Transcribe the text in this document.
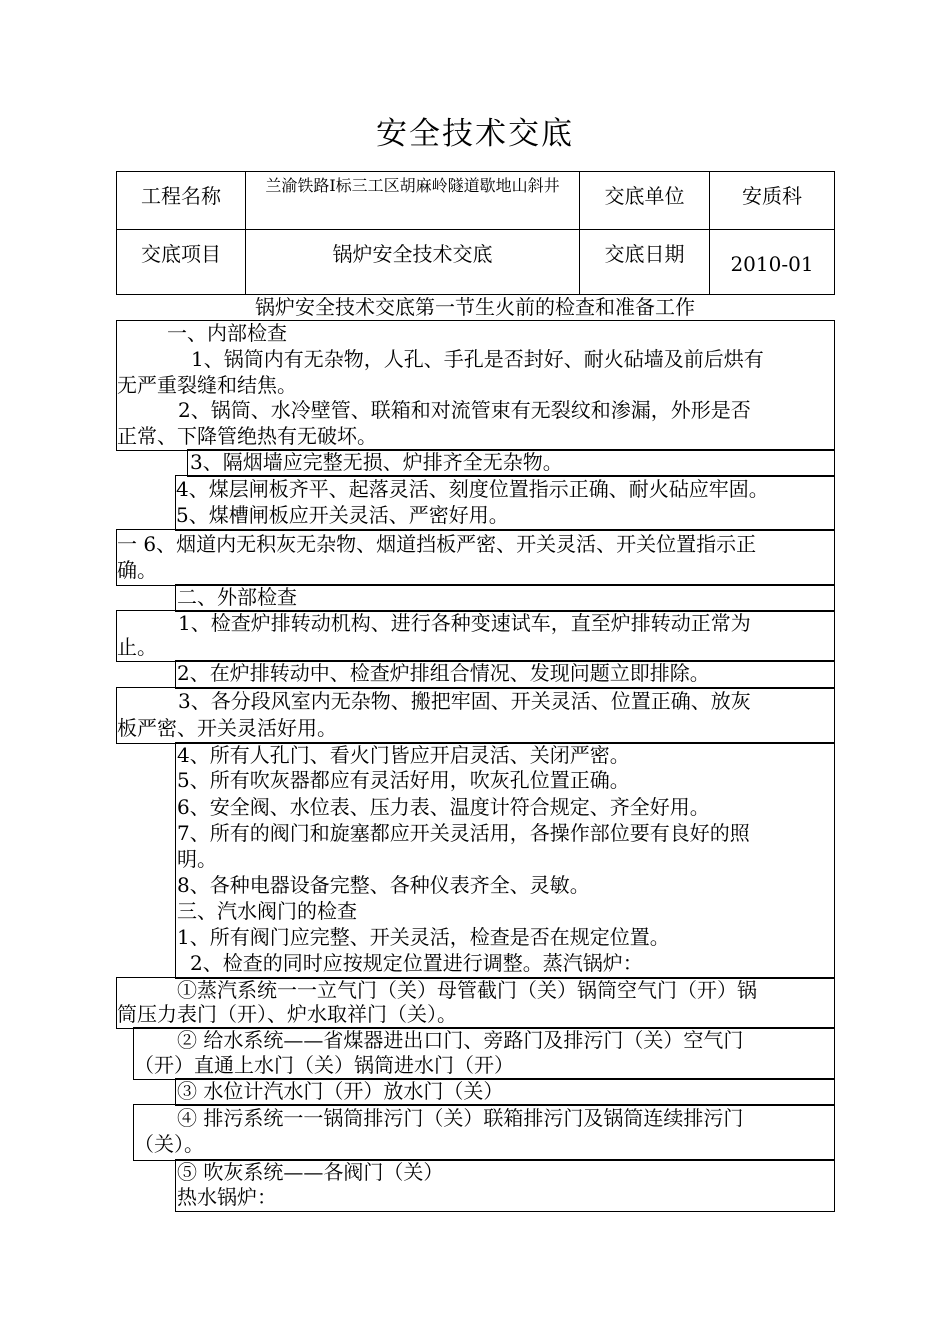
安全技术交底
工程名称	兰渝铁路Ⅰ标三工区胡麻岭隧道歇地山斜井	交底单位	安质科

交底项目	锅炉安全技术交底	交底日期	2010-01
锅炉安全技术交底第一节生火前的检查和准备工作
一、内部检查
1、锅筒内有无杂物，人孔、手孔是否封好、耐火砧墙及前后烘有
无严重裂缝和结焦。
2、锅筒、水冷壁管、联箱和对流管束有无裂纹和渗漏，外形是否
正常、下降管绝热有无破坏。
3、隔烟墙应完整无损、炉排齐全无杂物。
4、煤层闸板齐平、起落灵活、刻度位置指示正确、耐火砧应牢固。
5、煤槽闸板应开关灵活、严密好用。
一 6、烟道内无积灰无杂物、烟道挡板严密、开关灵活、开关位置指示正
确。
二、外部检查
1、检查炉排转动机构、进行各种变速试车，直至炉排转动正常为
止。
2、在炉排转动中、检查炉排组合情况、发现问题立即排除。
3、各分段风室内无杂物、搬把牢固、开关灵活、位置正确、放灰
板严密、开关灵活好用。
4、所有人孔门、看火门皆应开启灵活、关闭严密。
5、所有吹灰器都应有灵活好用，吹灰孔位置正确。
6、安全阀、水位表、压力表、温度计符合规定、齐全好用。
7、所有的阀门和旋塞都应开关灵活用，各操作部位要有良好的照
明。
8、各种电器设备完整、各种仪表齐全、灵敏。
三、汽水阀门的检查
1、所有阀门应完整、开关灵活，检查是否在规定位置。
2、检查的同时应按规定位置进行调整。蒸汽锅炉：
①蒸汽系统一一立气门（关）母管截门（关）锅筒空气门（开）锅
筒压力表门（开）、炉水取祥门（关）。
② 给水系统——省煤器进出口门、旁路门及排污门（关）空气门
（开）直通上水门（关）锅筒进水门（开）
③ 水位计汽水门（开）放水门（关）
④ 排污系统一一锅筒排污门（关）联箱排污门及锅筒连续排污门
（关）。
⑤ 吹灰系统——各阀门（关）
热水锅炉：
